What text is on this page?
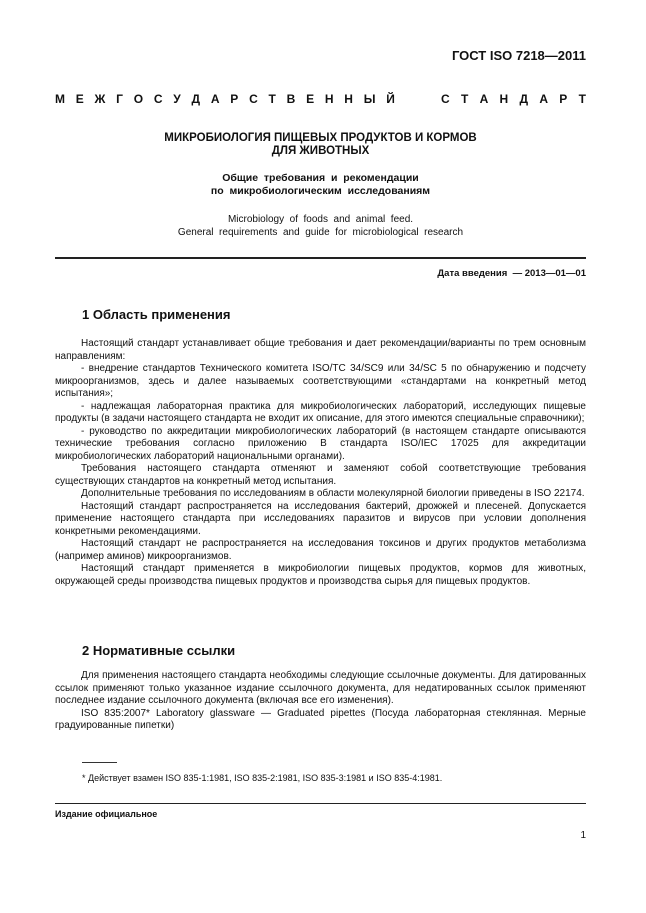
ГОСТ ISO 7218—2011
М Е Ж Г О С У Д А Р С Т В Е Н Н Ы Й	С Т А Н Д А Р Т
МИКРОБИОЛОГИЯ ПИЩЕВЫХ ПРОДУКТОВ И КОРМОВ
ДЛЯ ЖИВОТНЫХ
Общие  требования  и  рекомендации
по  микробиологическим  исследованиям
Microbiology  of  foods  and  animal  feed.
General  requirements  and  guide  for  microbiological  research
Дата введения  — 2013—01—01
1 Область применения

Настоящий стандарт устанавливает общие требования и дает рекомендации/варианты по трем основным направлениям:

- внедрение стандартов Технического комитета ISO/TC 34/SC9 или 34/SC 5 по обнаружению и подсчету микроорганизмов, здесь и далее называемых соответствующими «стандартами на конкретный метод испытания»;

- надлежащая лабораторная практика для микробиологических лабораторий, исследующих пищевые продукты (в задачи настоящего стандарта не входит их описание, для этого имеются специальные справочники);

- руководство по аккредитации микробиологических лабораторий (в настоящем стандарте описываются технические требования согласно приложению В стандарта ISO/IEC 17025 для аккредитации микробиологических лабораторий национальными органами).

Требования настоящего стандарта отменяют и заменяют собой соответствующие требования существующих стандартов на конкретный метод испытания.

Дополнительные требования по исследованиям в области молекулярной биологии приведены в ISO 22174.

Настоящий стандарт распространяется на исследования бактерий, дрожжей и плесеней. Допускается применение настоящего стандарта при исследованиях паразитов и вирусов при условии дополнения конкретными рекомендациями.

Настоящий стандарт не распространяется на исследования токсинов и других продуктов метаболизма (например аминов) микроорганизмов.

Настоящий стандарт применяется в микробиологии пищевых продуктов, кормов для животных, окружающей среды производства пищевых продуктов и производства сырья для пищевых продуктов.

2 Нормативные ссылки

Для применения настоящего стандарта необходимы следующие ссылочные документы. Для датированных ссылок применяют только указанное издание ссылочного документа, для недатированных ссылок применяют последнее издание ссылочного документа (включая все его изменения).

ISO 835:2007* Laboratory glassware — Graduated pipettes (Посуда лабораторная стеклянная. Мерные градуированные пипетки)

* Действует взамен ISO 835-1:1981, ISO 835-2:1981, ISO 835-3:1981 и ISO 835-4:1981.
Издание официальное
1
